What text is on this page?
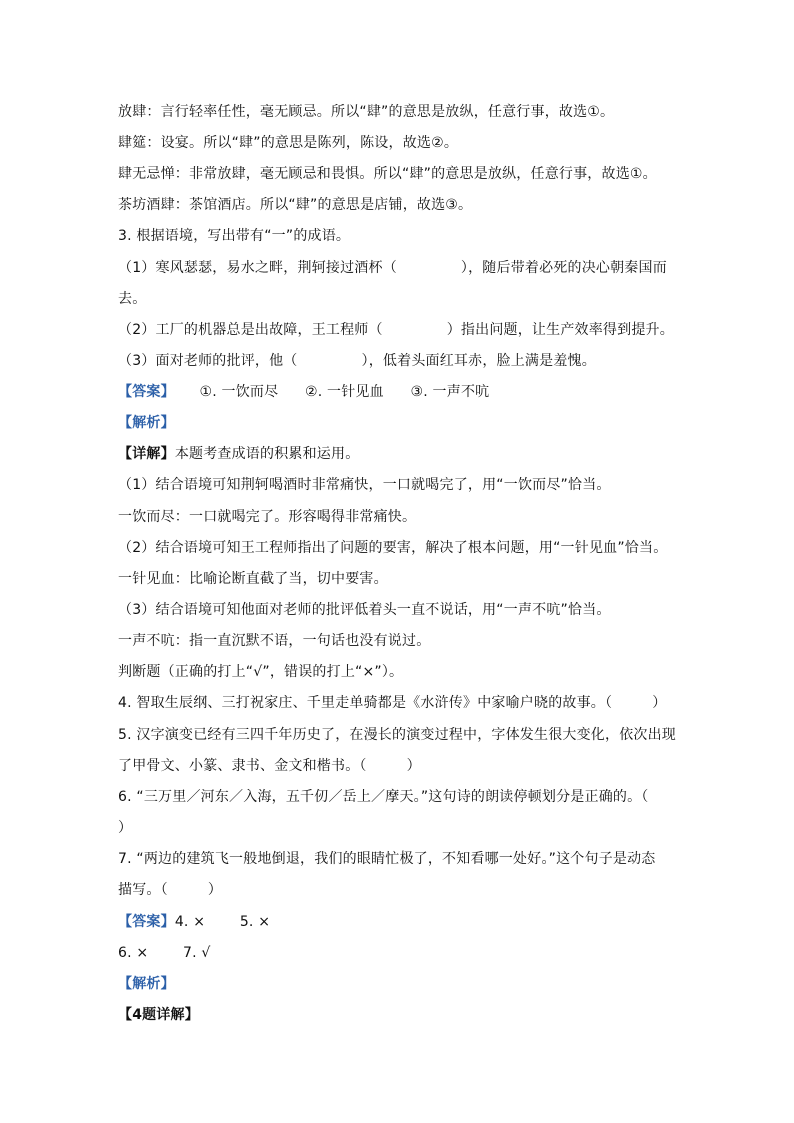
放肆：言行轻率任性，毫无顾忌。所以“肆”的意思是放纵，任意行事，故选①。
肆筵：设宴。所以“肆”的意思是陈列，陈设，故选②。
肆无忌惮：非常放肆，毫无顾忌和畏惧。所以“肆”的意思是放纵，任意行事，故选①。
茶坊酒肆：茶馆酒店。所以“肆”的意思是店铺，故选③。
3. 根据语境，写出带有“一”的成语。
（1）寒风瑟瑟，易水之畔，荆轲接过酒杯（	），随后带着必死的决心朝秦国而
去。
（2）工厂的机器总是出故障，王工程师（	）指出问题，让生产效率得到提升。
（3）面对老师的批评，他（	），低着头面红耳赤，脸上满是羞愧。
【答案】 ①. 一饮而尽 ②. 一针见血 ③. 一声不吭
【解析】
【详解】本题考查成语的积累和运用。
（1）结合语境可知荆轲喝酒时非常痛快，一口就喝完了，用“一饮而尽”恰当。
一饮而尽：一口就喝完了。形容喝得非常痛快。
（2）结合语境可知王工程师指出了问题的要害，解决了根本问题，用“一针见血”恰当。
一针见血：比喻论断直截了当，切中要害。
（3）结合语境可知他面对老师的批评低着头一直不说话，用“一声不吭”恰当。
一声不吭：指一直沉默不语，一句话也没有说过。
判断题（正确的打上“√”，错误的打上“×”）。
4. 智取生辰纲、三打祝家庄、千里走单骑都是《水浒传》中家喻户晓的故事。（	）
5. 汉字演变已经有三四千年历史了，在漫长的演变过程中，字体发生很大变化，依次出现
了甲骨文、小篆、隶书、金文和楷书。（	）
6. “三万里／河东／入海，五千仞／岳上／摩天。”这句诗的朗读停顿划分是正确的。（
）
7. “两边的建筑飞一般地倒退，我们的眼睛忙极了，不知看哪一处好。”这个句子是动态
描写。（	）
【答案】4. × 5. ×
6. × 7. √
【解析】
【4题详解】
